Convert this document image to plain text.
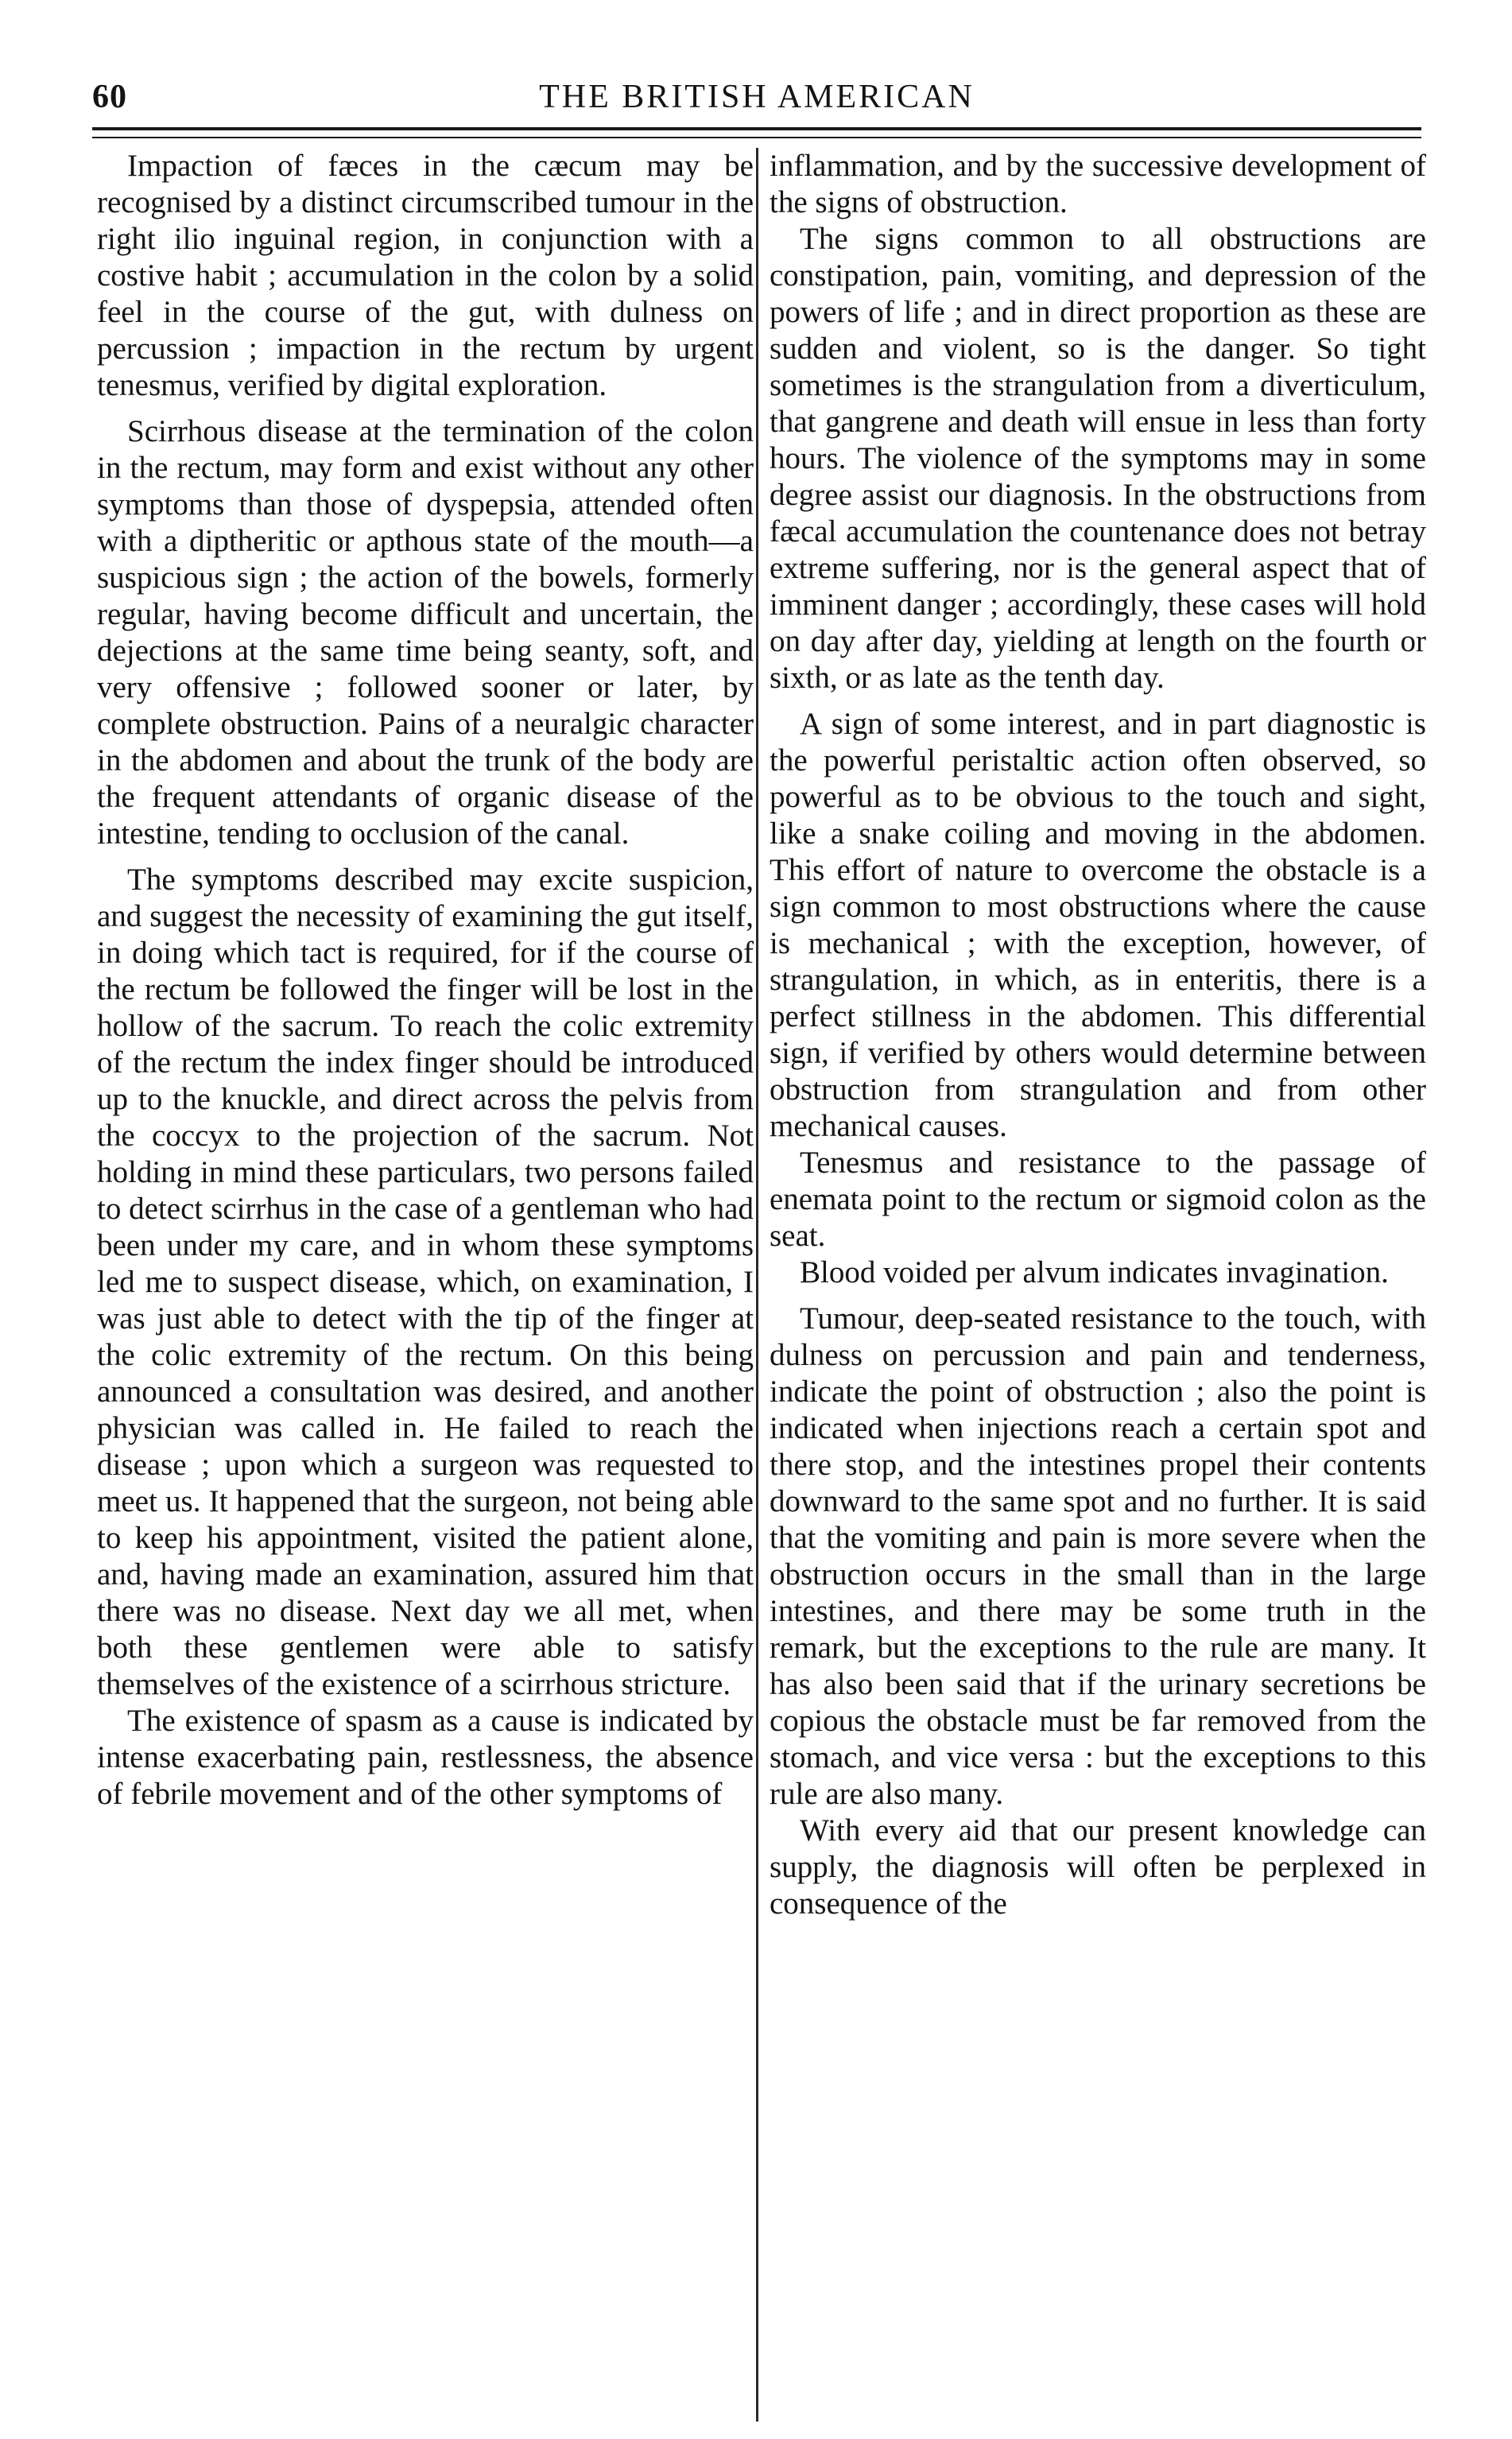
60	THE BRITISH AMERICAN

Impaction of fæces in the cæcum may be recognised by a distinct circumscribed tumour in the right ilio inguinal region, in conjunction with a costive habit ; accumulation in the colon by a solid feel in the course of the gut, with dulness on percussion ; impaction in the rectum by urgent tenesmus, verified by digital exploration.

Scirrhous disease at the termination of the colon in the rectum, may form and exist without any other symptoms than those of dyspepsia, attended often with a diptheritic or apthous state of the mouth—a suspicious sign ; the action of the bowels, formerly regular, having become difficult and uncertain, the dejections at the same time being seanty, soft, and very offensive ; followed sooner or later, by complete obstruction. Pains of a neuralgic character in the abdomen and about the trunk of the body are the frequent attendants of organic disease of the intestine, tending to occlusion of the canal.

The symptoms described may excite suspicion, and suggest the necessity of examining the gut itself, in doing which tact is required, for if the course of the rectum be followed the finger will be lost in the hollow of the sacrum. To reach the colic extremity of the rectum the index finger should be introduced up to the knuckle, and direct across the pelvis from the coccyx to the projection of the sacrum. Not holding in mind these particulars, two persons failed to detect scirrhus in the case of a gentleman who had been under my care, and in whom these symptoms led me to suspect disease, which, on examination, I was just able to detect with the tip of the finger at the colic extremity of the rectum. On this being announced a consultation was desired, and another physician was called in. He failed to reach the disease ; upon which a surgeon was requested to meet us. It happened that the surgeon, not being able to keep his appointment, visited the patient alone, and, having made an examination, assured him that there was no disease. Next day we all met, when both these gentlemen were able to satisfy themselves of the existence of a scirrhous stricture.

The existence of spasm as a cause is indicated by intense exacerbating pain, restlessness, the absence of febrile movement and of the other symptoms of

inflammation, and by the successive development of the signs of obstruction.

The signs common to all obstructions are constipation, pain, vomiting, and depression of the powers of life ; and in direct proportion as these are sudden and violent, so is the danger. So tight sometimes is the strangulation from a diverticulum, that gangrene and death will ensue in less than forty hours. The violence of the symptoms may in some degree assist our diagnosis. In the obstructions from fæcal accumulation the countenance does not betray extreme suffering, nor is the general aspect that of imminent danger ; accordingly, these cases will hold on day after day, yielding at length on the fourth or sixth, or as late as the tenth day.

A sign of some interest, and in part diagnostic is the powerful peristaltic action often observed, so powerful as to be obvious to the touch and sight, like a snake coiling and moving in the abdomen. This effort of nature to overcome the obstacle is a sign common to most obstructions where the cause is mechanical ; with the exception, however, of strangulation, in which, as in enteritis, there is a perfect stillness in the abdomen. This differential sign, if verified by others would determine between obstruction from strangulation and from other mechanical causes.

Tenesmus and resistance to the passage of enemata point to the rectum or sigmoid colon as the seat.

Blood voided per alvum indicates invagination.

Tumour, deep-seated resistance to the touch, with dulness on percussion and pain and tenderness, indicate the point of obstruction ; also the point is indicated when injections reach a certain spot and there stop, and the intestines propel their contents downward to the same spot and no further. It is said that the vomiting and pain is more severe when the obstruction occurs in the small than in the large intestines, and there may be some truth in the remark, but the exceptions to the rule are many. It has also been said that if the urinary secretions be copious the obstacle must be far removed from the stomach, and vice versa : but the exceptions to this rule are also many.

With every aid that our present knowledge can supply, the diagnosis will often be perplexed in consequence of the
